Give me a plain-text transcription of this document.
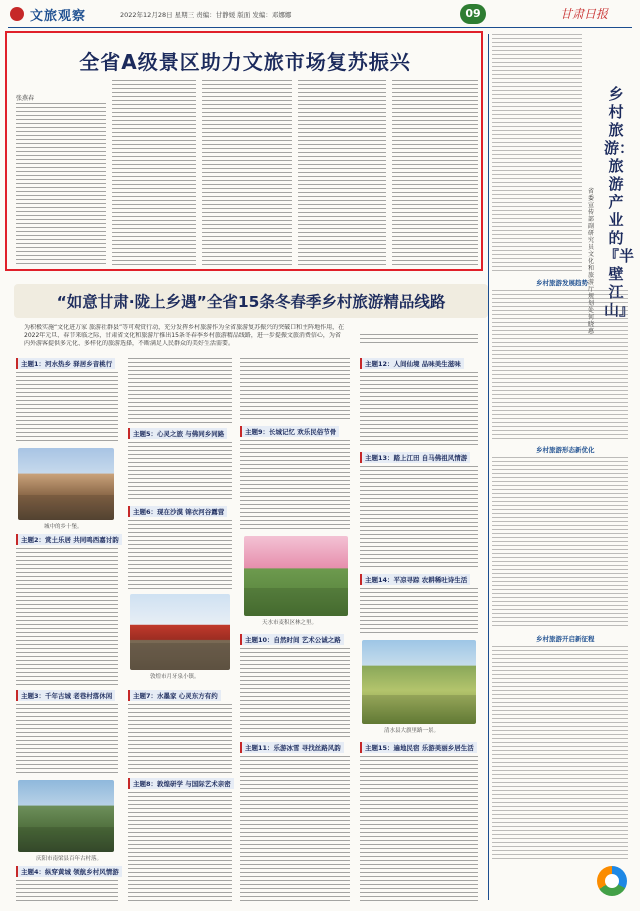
文旅观察	2022年12月28日 星期三 责编：甘静媛 版面 发编：邓娜娜	09	甘肃日报
全省A级景区助力文旅市场复苏振兴
张燕春	乡村旅游：旅游产业的『半壁江山』
省委宣传部副研究员 文化和旅游厅规划处 何晓惠
乡村旅游发展趋势
乡村旅游形态新优化
乡村旅游开启新征程
“如意甘肃·陇上乡遇”全省15条冬春季乡村旅游精品线路
为积极实施“文化进万家 旅游社群县”等可观赏行动，充分发挥乡村旅游作为全省旅游复苏振兴的突破口和主阵地作用，在
2022年元旦、春节来临之际，甘肃省文化和旅游厅推出15条冬春季乡村旅游精品线路，进一步提振文旅消费信心，为省
内外游客提供多元化、多样化的旅游选择，不断满足人民群众的美好生活需要。
主题1：河水热乡 驿居乡音桃行
城中的乡十堡。
主题2：赏土乐居 共同鸣西嘉讨韵
主题3：千年古城 老巷村落休闲
庆阳市南梁县百年古村落。
主题4：纵穿黄城 领航乡村风情游
主题5：心灵之旅 与佛同乡同路
主题6：现在沙漠 锦衣河谷露营
敦煌市月牙泉小镇。
主题7：水墨家 心灵东方有约
主题8：敦煌研学 与国际艺术亲密
主题9：长城记忆 欢乐民俗节骨
天水市麦积区林之里。
主题10：自然时间 艺术公诚之路
主题11：乐游冰雪 寻找丝路风韵
主题12：人间仙境 品味美生滋味
主题13：踏上江田 自马佛祖风情游
主题14：平凉寻踪 农耕稀吐诗生活
清水县大旗里路一景。
主题15：遍地民宿 乐游美丽乡居生活
